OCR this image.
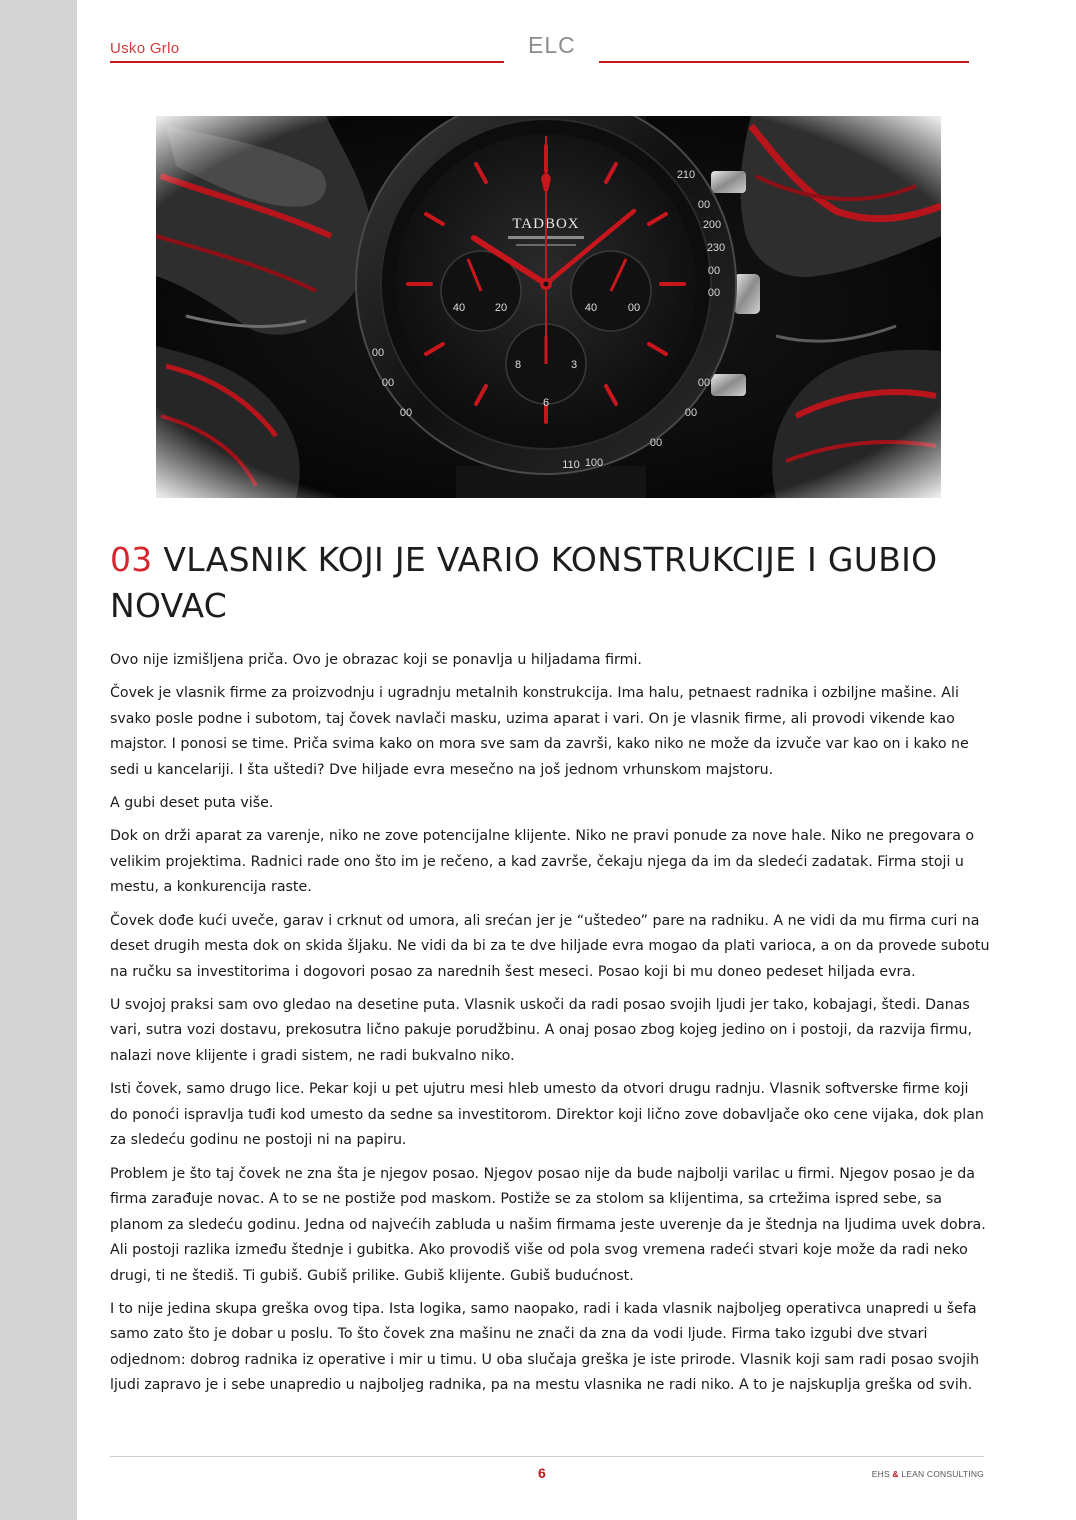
Usko Grlo	ELC
03 VLASNIK KOJI JE VARIO KONSTRUKCIJE I GUBIO NOVAC

Ovo nije izmišljena priča. Ovo je obrazac koji se ponavlja u hiljadama firmi.

Čovek je vlasnik firme za proizvodnju i ugradnju metalnih konstrukcija. Ima halu, petnaest radnika i ozbiljne mašine. Ali svako posle podne i subotom, taj čovek navlači masku, uzima aparat i vari. On je vlasnik firme, ali provodi vikende kao majstor. I ponosi se time. Priča svima kako on mora sve sam da završi, kako niko ne može da izvuče var kao on i kako ne sedi u kancelariji. I šta uštedi? Dve hiljade evra mesečno na još jednom vrhunskom majstoru.

A gubi deset puta više.

Dok on drži aparat za varenje, niko ne zove potencijalne klijente. Niko ne pravi ponude za nove hale. Niko ne pregovara o velikim projektima. Radnici rade ono što im je rečeno, a kad završe, čekaju njega da im da sledeći zadatak. Firma stoji u mestu, a konkurencija raste.

Čovek dođe kući uveče, garav i crknut od umora, ali srećan jer je “uštedeo” pare na radniku. A ne vidi da mu firma curi na deset drugih mesta dok on skida šljaku. Ne vidi da bi za te dve hiljade evra mogao da plati varioca, a on da provede subotu na ručku sa investitorima i dogovori posao za narednih šest meseci. Posao koji bi mu doneo pedeset hiljada evra.

U svojoj praksi sam ovo gledao na desetine puta. Vlasnik uskoči da radi posao svojih ljudi jer tako, kobajagi, štedi. Danas vari, sutra vozi dostavu, prekosutra lično pakuje porudžbinu. A onaj posao zbog kojeg jedino on i postoji, da razvija firmu, nalazi nove klijente i gradi sistem, ne radi bukvalno niko.

Isti čovek, samo drugo lice. Pekar koji u pet ujutru mesi hleb umesto da otvori drugu radnju. Vlasnik softverske firme koji do ponoći ispravlja tuđi kod umesto da sedne sa investitorom. Direktor koji lično zove dobavljače oko cene vijaka, dok plan za sledeću godinu ne postoji ni na papiru.

Problem je što taj čovek ne zna šta je njegov posao. Njegov posao nije da bude najbolji varilac u firmi. Njegov posao je da firma zarađuje novac. A to se ne postiže pod maskom. Postiže se za stolom sa klijentima, sa crtežima ispred sebe, sa planom za sledeću godinu. Jedna od najvećih zabluda u našim firmama jeste uverenje da je štednja na ljudima uvek dobra. Ali postoji razlika između štednje i gubitka. Ako provodiš više od pola svog vremena radeći stvari koje može da radi neko drugi, ti ne štediš. Ti gubiš. Gubiš prilike. Gubiš klijente. Gubiš budućnost.

I to nije jedina skupa greška ovog tipa. Ista logika, samo naopako, radi i kada vlasnik najboljeg operativca unapredi u šefa samo zato što je dobar u poslu. To što čovek zna mašinu ne znači da zna da vodi ljude. Firma tako izgubi dve stvari odjednom: dobrog radnika iz operative i mir u timu. U oba slučaja greška je iste prirode. Vlasnik koji sam radi posao svojih ljudi zapravo je i sebe unapredio u najboljeg radnika, pa na mestu vlasnika ne radi niko. A to je najskuplja greška od svih.

6	EHS & LEAN CONSULTING
